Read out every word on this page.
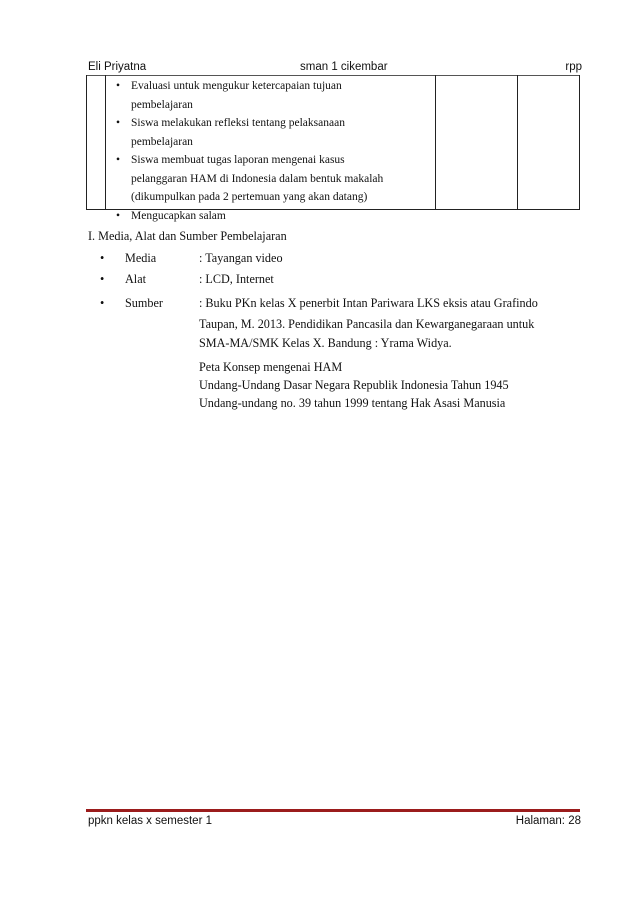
Eli Priyatna	sman 1 cikembar	rpp
• Evaluasi untuk mengukur ketercapaian tujuan
pembelajaran
• Siswa melakukan refleksi tentang pelaksanaan
pembelajaran
• Siswa membuat tugas laporan mengenai kasus
pelanggaran HAM di Indonesia dalam bentuk makalah
(dikumpulkan pada 2 pertemuan yang akan datang)
• Mengucapkan salam
I. Media, Alat dan Sumber Pembelajaran
• Media	: Tayangan video
• Alat	: LCD, Internet
• Sumber	: Buku PKn kelas X penerbit Intan Pariwara LKS eksis atau Grafindo
Taupan, M. 2013. Pendidikan Pancasila dan Kewarganegaraan untuk
SMA-MA/SMK Kelas X. Bandung : Yrama Widya.
Peta Konsep mengenai HAM
Undang-Undang Dasar Negara Republik Indonesia Tahun 1945
Undang-undang no. 39 tahun 1999 tentang Hak Asasi Manusia
ppkn kelas x semester 1	Halaman: 28
